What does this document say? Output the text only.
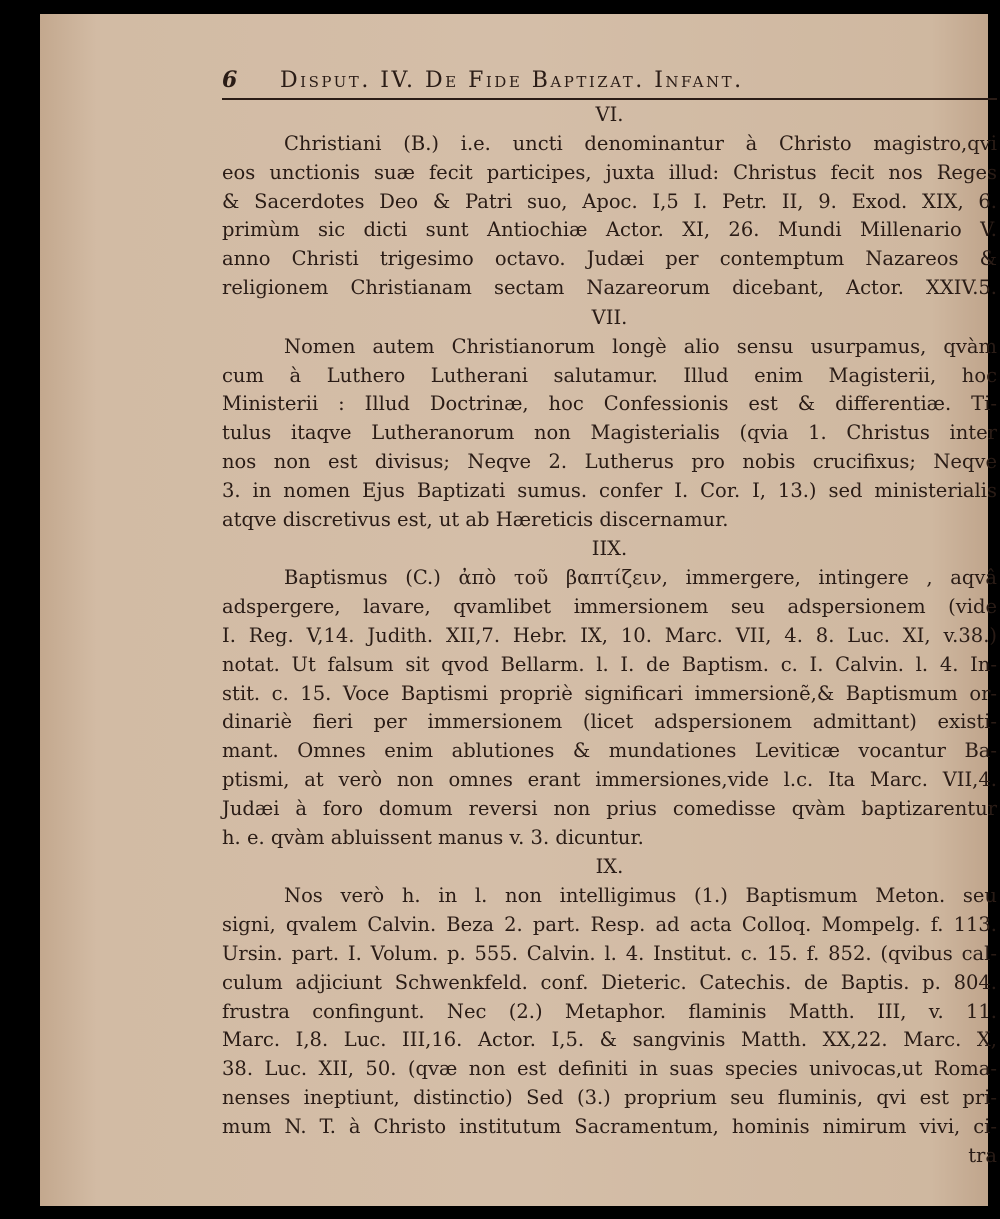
6	Disput. IV. De Fide Baptizat. Infant.
VI.
Christiani (B.) i.e. uncti denominantur à Christo magistro,qvi
eos unctionis suæ fecit participes, juxta illud: Christus fecit nos Reges
& Sacerdotes Deo & Patri suo, Apoc. I,5 I. Petr. II, 9. Exod. XIX, 6.
primùm sic dicti sunt Antiochiæ Actor. XI, 26. Mundi Millenario V.
anno Christi trigesimo octavo. Judæi per contemptum Nazareos &
religionem Christianam sectam Nazareorum dicebant, Actor. XXIV.5.
VII.
Nomen autem Christianorum longè alio sensu usurpamus, qvàm
cum à Luthero Lutherani salutamur. Illud enim Magisterii, hoc
Ministerii : Illud Doctrinæ, hoc Confessionis est & differentiæ. Ti-
tulus itaqve Lutheranorum non Magisterialis (qvia 1. Christus inter
nos non est divisus; Neqve 2. Lutherus pro nobis crucifixus; Neqve
3. in nomen Ejus Baptizati sumus. confer I. Cor. I, 13.) sed ministerialis
atqve discretivus est, ut ab Hæreticis discernamur.
IIX.
Baptismus (C.) ἀπὸ τοῦ βαπτίζειν, immergere, intingere , aqvâ
adspergere, lavare, qvamlibet immersionem seu adspersionem (vide
I. Reg. V,14. Judith. XII,7. Hebr. IX, 10. Marc. VII, 4. 8. Luc. XI, v.38.)
notat. Ut falsum sit qvod Bellarm. l. I. de Baptism. c. I. Calvin. l. 4. In-
stit. c. 15. Voce Baptismi propriè significari immersionẽ,& Baptismum or-
dinariè fieri per immersionem (licet adspersionem admittant) existi-
mant. Omnes enim ablutiones & mundationes Leviticæ vocantur Ba-
ptismi, at verò non omnes erant immersiones,vide l.c. Ita Marc. VII,4.
Judæi à foro domum reversi non prius comedisse qvàm baptizarentur
h. e. qvàm abluissent manus v. 3. dicuntur.
IX.
Nos verò h. in l. non intelligimus (1.) Baptismum Meton. seu
signi, qvalem Calvin. Beza 2. part. Resp. ad acta Colloq. Mompelg. f. 113.
Ursin. part. I. Volum. p. 555. Calvin. l. 4. Institut. c. 15. f. 852. (qvibus cal-
culum adjiciunt Schwenkfeld. conf. Dieteric. Catechis. de Baptis. p. 804.
frustra confingunt. Nec (2.) Metaphor. flaminis Matth. III, v. 11.
Marc. I,8. Luc. III,16. Actor. I,5. & sangvinis Matth. XX,22. Marc. X,
38. Luc. XII, 50. (qvæ non est definiti in suas species univocas,ut Roma-
nenses ineptiunt, distinctio) Sed (3.) proprium seu fluminis, qvi est pri-
mum N. T. à Christo institutum Sacramentum, hominis nimirum vivi, ci-
tra
